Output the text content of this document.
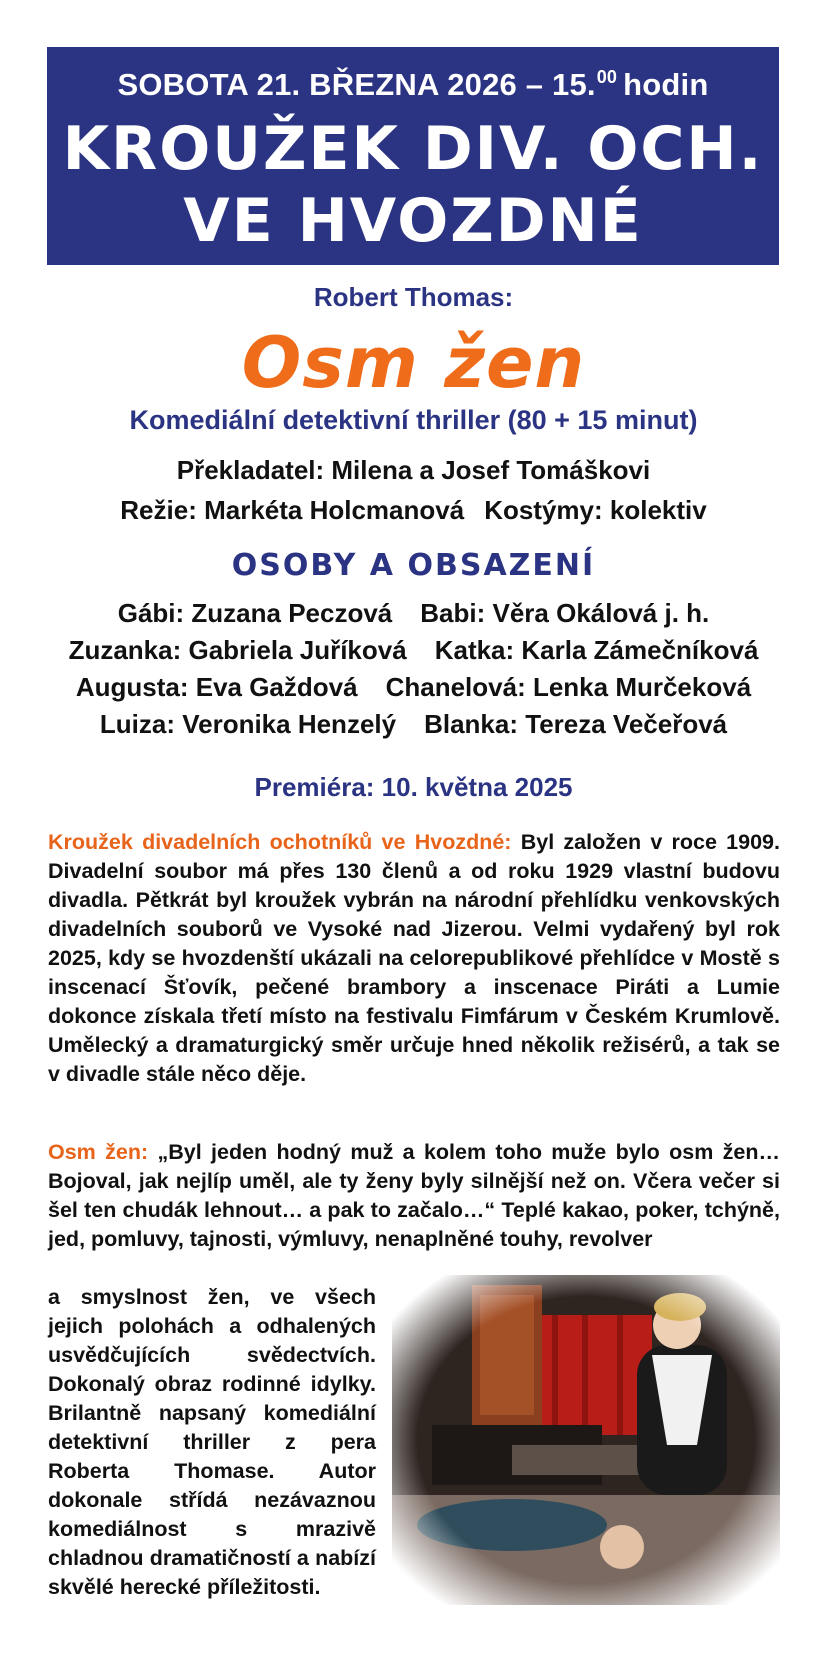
SOBOTA 21. BŘEZNA 2026 – 15.00 hodin
KROUŽEK DIV. OCH.
VE HVOZDNÉ
Robert Thomas:
Osm žen
Komediální detektivní thriller (80 + 15 minut)
Překladatel: Milena a Josef Tomáškovi
Režie: Markéta Holcmanová Kostýmy: kolektiv
OSOBY A OBSAZENÍ
Gábi: Zuzana Peczová Babi: Věra Okálová j. h.
Zuzanka: Gabriela Juříková Katka: Karla Zámečníková
Augusta: Eva Gaždová Chanelová: Lenka Murčeková
Luiza: Veronika Henzelý Blanka: Tereza Večeřová
Premiéra: 10. května 2025
Kroužek divadelních ochotníků ve Hvozdné: Byl založen v roce 1909. Divadelní soubor má přes 130 členů a od roku 1929 vlastní budovu divadla. Pětkrát byl kroužek vybrán na národní přehlídku venkovských divadelních souborů ve Vysoké nad Jizerou. Velmi vydařený byl rok 2025, kdy se hvozdenští ukázali na celorepublikové přehlídce v Mostě s inscenací Šťovík, pečené brambory a inscenace Piráti a Lumie dokonce získala třetí místo na festivalu Fimfárum v Českém Krumlově. Umělecký a dramaturgický směr určuje hned několik režisérů, a tak se v divadle stále něco děje.
Osm žen: „Byl jeden hodný muž a kolem toho muže bylo osm žen… Bojoval, jak nejlíp uměl, ale ty ženy byly silnější než on. Včera večer si šel ten chudák lehnout… a pak to začalo…“ Teplé kakao, poker, tchýně, jed, pomluvy, tajnosti, výmluvy, nenaplněné touhy, revolver
a smyslnost žen, ve všech jejich polohách a odhalených usvědčujících svědectvích. Dokonalý obraz rodinné idylky. Brilantně napsaný komediální detektivní thriller z pera Roberta Thomase. Autor dokonale střídá nezávaznou komediálnost s mrazivě chladnou dramatičností a nabízí skvělé herecké příležitosti.
